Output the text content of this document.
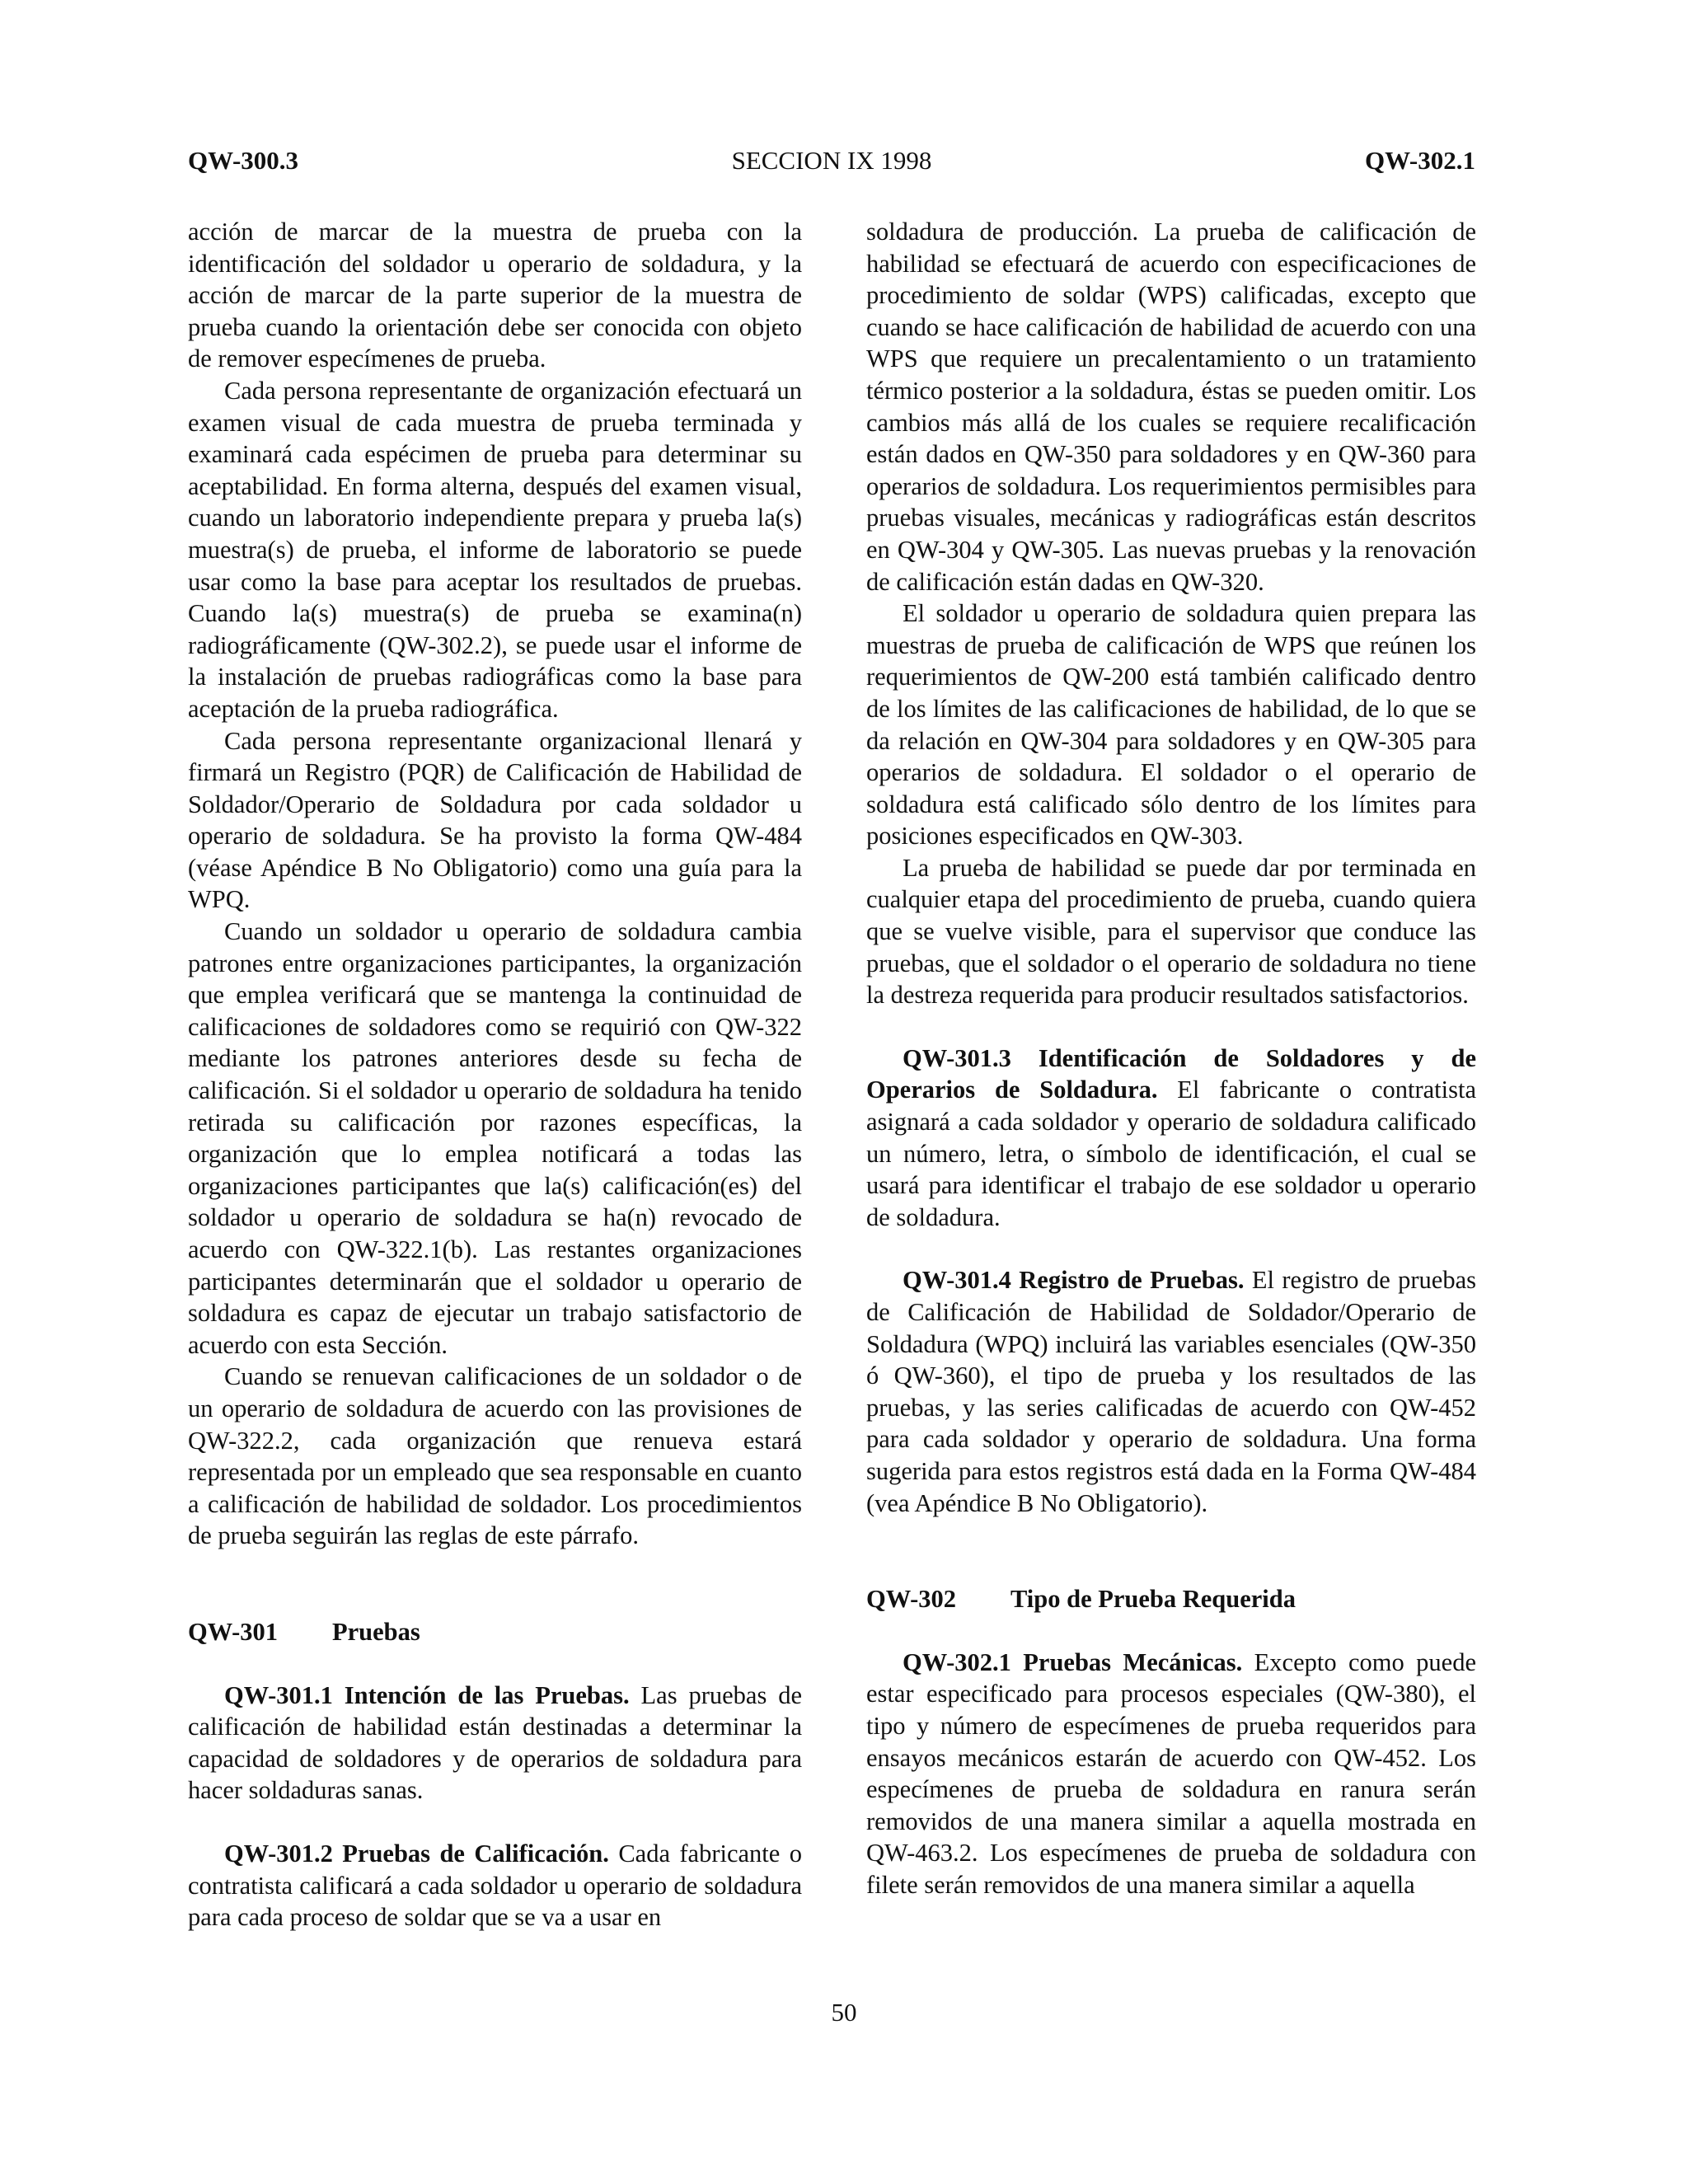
QW-300.3	SECCION IX 1998	QW-302.1

acción de marcar de la muestra de prueba con la identificación del soldador u operario de soldadura, y la acción de marcar de la parte superior de la muestra de prueba cuando la orientación debe ser conocida con objeto de remover especímenes de prueba.

Cada persona representante de organización efectuará un examen visual de cada muestra de prueba terminada y examinará cada espécimen de prueba para determinar su aceptabilidad. En forma alterna, después del examen visual, cuando un laboratorio independiente prepara y prueba la(s) muestra(s) de prueba, el informe de laboratorio se puede usar como la base para aceptar los resultados de pruebas. Cuando la(s) muestra(s) de prueba se examina(n) radiográficamente (QW-302.2), se puede usar el informe de la instalación de pruebas radiográficas como la base para aceptación de la prueba radiográfica.

Cada persona representante organizacional llenará y firmará un Registro (PQR) de Calificación de Habilidad de Soldador/Operario de Soldadura por cada soldador u operario de soldadura. Se ha provisto la forma QW-484 (véase Apéndice B No Obligatorio) como una guía para la WPQ.

Cuando un soldador u operario de soldadura cambia patrones entre organizaciones participantes, la organización que emplea verificará que se mantenga la continuidad de calificaciones de soldadores como se requirió con QW-322 mediante los patrones anteriores desde su fecha de calificación. Si el soldador u operario de soldadura ha tenido retirada su calificación por razones específicas, la organización que lo emplea notificará a todas las organizaciones participantes que la(s) calificación(es) del soldador u operario de soldadura se ha(n) revocado de acuerdo con QW-322.1(b). Las restantes organizaciones participantes determinarán que el soldador u operario de soldadura es capaz de ejecutar un trabajo satisfactorio de acuerdo con esta Sección.

Cuando se renuevan calificaciones de un soldador o de un operario de soldadura de acuerdo con las provisiones de QW-322.2, cada organización que renueva estará representada por un empleado que sea responsable en cuanto a calificación de habilidad de soldador. Los procedimientos de prueba seguirán las reglas de este párrafo.

QW-301 Pruebas

QW-301.1 Intención de las Pruebas. Las pruebas de calificación de habilidad están destinadas a determinar la capacidad de soldadores y de operarios de soldadura para hacer soldaduras sanas.

QW-301.2 Pruebas de Calificación. Cada fabricante o contratista calificará a cada soldador u operario de soldadura para cada proceso de soldar que se va a usar en

soldadura de producción. La prueba de calificación de habilidad se efectuará de acuerdo con especificaciones de procedimiento de soldar (WPS) calificadas, excepto que cuando se hace calificación de habilidad de acuerdo con una WPS que requiere un precalentamiento o un tratamiento térmico posterior a la soldadura, éstas se pueden omitir. Los cambios más allá de los cuales se requiere recalificación están dados en QW-350 para soldadores y en QW-360 para operarios de soldadura. Los requerimientos permisibles para pruebas visuales, mecánicas y radiográficas están descritos en QW-304 y QW-305. Las nuevas pruebas y la renovación de calificación están dadas en QW-320.

El soldador u operario de soldadura quien prepara las muestras de prueba de calificación de WPS que reúnen los requerimientos de QW-200 está también calificado dentro de los límites de las calificaciones de habilidad, de lo que se da relación en QW-304 para soldadores y en QW-305 para operarios de soldadura. El soldador o el operario de soldadura está calificado sólo dentro de los límites para posiciones especificados en QW-303.

La prueba de habilidad se puede dar por terminada en cualquier etapa del procedimiento de prueba, cuando quiera que se vuelve visible, para el supervisor que conduce las pruebas, que el soldador o el operario de soldadura no tiene la destreza requerida para producir resultados satisfactorios.

QW-301.3 Identificación de Soldadores y de Operarios de Soldadura. El fabricante o contratista asignará a cada soldador y operario de soldadura calificado un número, letra, o símbolo de identificación, el cual se usará para identificar el trabajo de ese soldador u operario de soldadura.

QW-301.4 Registro de Pruebas. El registro de pruebas de Calificación de Habilidad de Soldador/Operario de Soldadura (WPQ) incluirá las variables esenciales (QW-350 ó QW-360), el tipo de prueba y los resultados de las pruebas, y las series calificadas de acuerdo con QW-452 para cada soldador y operario de soldadura. Una forma sugerida para estos registros está dada en la Forma QW-484 (vea Apéndice B No Obligatorio).

QW-302 Tipo de Prueba Requerida

QW-302.1 Pruebas Mecánicas. Excepto como puede estar especificado para procesos especiales (QW-380), el tipo y número de especímenes de prueba requeridos para ensayos mecánicos estarán de acuerdo con QW-452. Los especímenes de prueba de soldadura en ranura serán removidos de una manera similar a aquella mostrada en QW-463.2. Los especímenes de prueba de soldadura con filete serán removidos de una manera similar a aquella

50
